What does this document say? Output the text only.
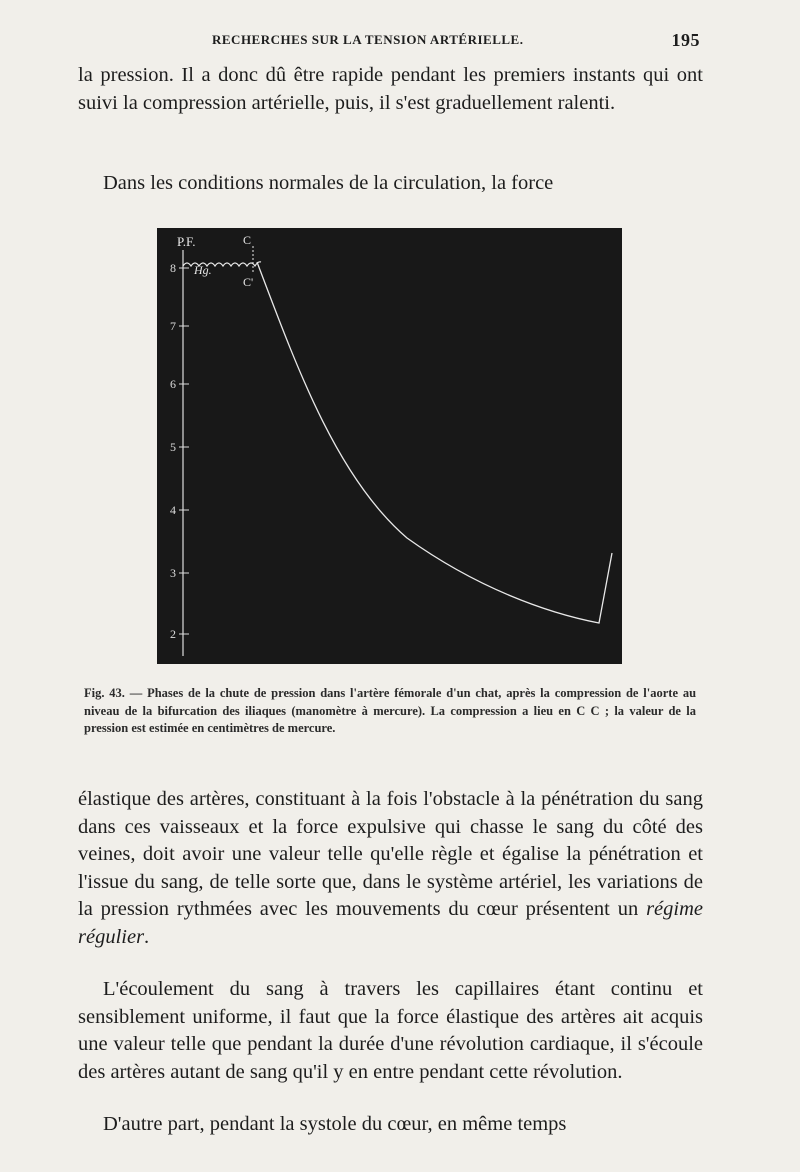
RECHERCHES SUR LA TENSION ARTÉRIELLE.	195

la pression. Il a donc dû être rapide pendant les premiers instants qui ont suivi la compression artérielle, puis, il s'est graduellement ralenti.

Dans les conditions normales de la circulation, la force

8
7
6
5
4
3
2
P.F.
Hg.
C
C'
Fig. 43. — Phases de la chute de pression dans l'artère fémorale d'un chat, après la compression de l'aorte au niveau de la bifurcation des iliaques (manomètre à mercure). La compression a lieu en C C ; la valeur de la pression est estimée en centimètres de mercure.

élastique des artères, constituant à la fois l'obstacle à la pénétration du sang dans ces vaisseaux et la force expulsive qui chasse le sang du côté des veines, doit avoir une valeur telle qu'elle règle et égalise la pénétration et l'issue du sang, de telle sorte que, dans le système artériel, les variations de la pression rythmées avec les mouvements du cœur présentent un régime régulier.

L'écoulement du sang à travers les capillaires étant continu et sensiblement uniforme, il faut que la force élastique des artères ait acquis une valeur telle que pendant la durée d'une révolution cardiaque, il s'écoule des artères autant de sang qu'il y en entre pendant cette révolution.

D'autre part, pendant la systole du cœur, en même temps
